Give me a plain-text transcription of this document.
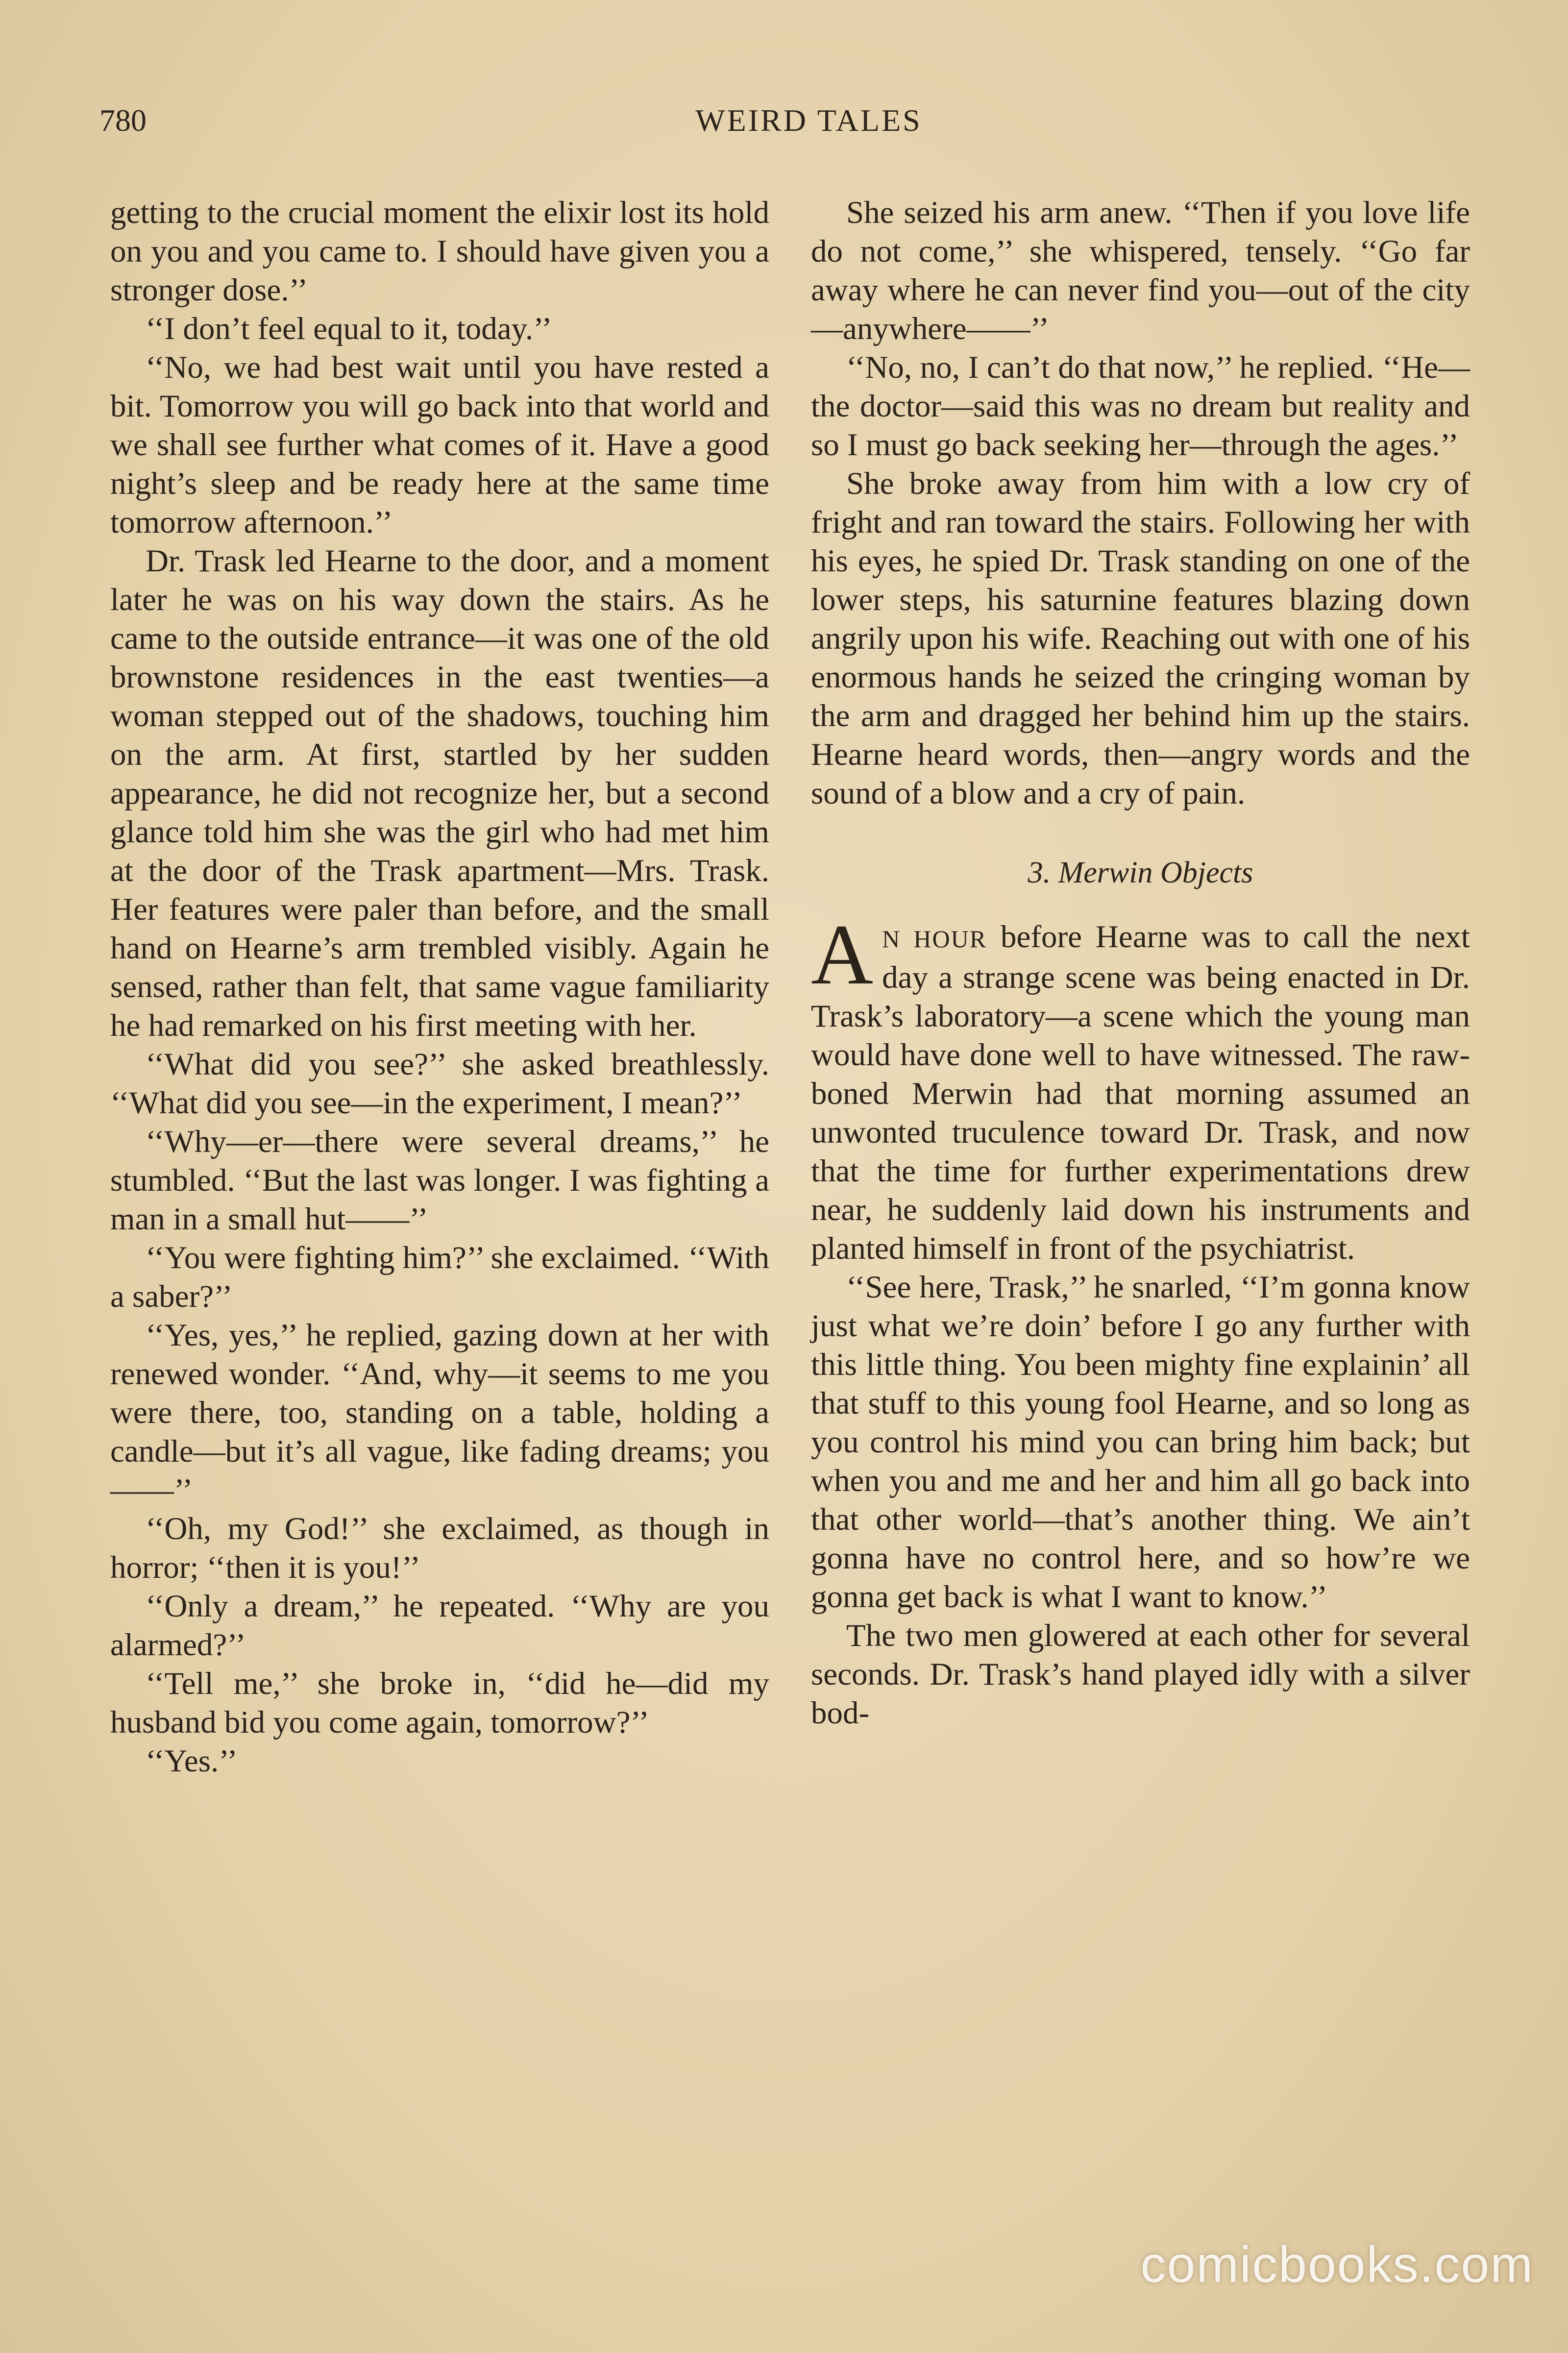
780	WEIRD TALES

getting to the crucial moment the elixir lost its hold on you and you came to. I should have given you a stronger dose.’’

‘‘I don’t feel equal to it, today.’’

‘‘No, we had best wait until you have rested a bit. Tomorrow you will go back into that world and we shall see further what comes of it. Have a good night’s sleep and be ready here at the same time tomorrow afternoon.’’

Dr. Trask led Hearne to the door, and a moment later he was on his way down the stairs. As he came to the outside entrance—it was one of the old brownstone residences in the east twenties—a woman stepped out of the shadows, touching him on the arm. At first, startled by her sudden appearance, he did not recognize her, but a second glance told him she was the girl who had met him at the door of the Trask apartment—Mrs. Trask. Her features were paler than before, and the small hand on Hearne’s arm trembled visibly. Again he sensed, rather than felt, that same vague familiarity he had remarked on his first meeting with her.

‘‘What did you see?’’ she asked breathlessly. ‘‘What did you see—in the experiment, I mean?’’

‘‘Why—er—there were several dreams,’’ he stumbled. ‘‘But the last was longer. I was fighting a man in a small hut——’’

‘‘You were fighting him?’’ she exclaimed. ‘‘With a saber?’’

‘‘Yes, yes,’’ he replied, gazing down at her with renewed wonder. ‘‘And, why—it seems to me you were there, too, standing on a table, holding a candle—but it’s all vague, like fading dreams; you——’’

‘‘Oh, my God!’’ she exclaimed, as though in horror; ‘‘then it is you!’’

‘‘Only a dream,’’ he repeated. ‘‘Why are you alarmed?’’

‘‘Tell me,’’ she broke in, ‘‘did he—did my husband bid you come again, tomorrow?’’

‘‘Yes.’’

She seized his arm anew. ‘‘Then if you love life do not come,’’ she whispered, tensely. ‘‘Go far away where he can never find you—out of the city—anywhere——’’

‘‘No, no, I can’t do that now,’’ he replied. ‘‘He—the doctor—said this was no dream but reality and so I must go back seeking her—through the ages.’’

She broke away from him with a low cry of fright and ran toward the stairs. Following her with his eyes, he spied Dr. Trask standing on one of the lower steps, his saturnine features blazing down angrily upon his wife. Reaching out with one of his enormous hands he seized the cringing woman by the arm and dragged her behind him up the stairs. Hearne heard words, then—angry words and the sound of a blow and a cry of pain.

3. Merwin Objects

A N HOUR before Hearne was to call the next day a strange scene was being enacted in Dr. Trask’s laboratory—a scene which the young man would have done well to have witnessed. The raw-boned Merwin had that morning assumed an unwonted truculence toward Dr. Trask, and now that the time for further experimentations drew near, he suddenly laid down his instruments and planted himself in front of the psychiatrist.

‘‘See here, Trask,’’ he snarled, ‘‘I’m gonna know just what we’re doin’ before I go any further with this little thing. You been mighty fine explainin’ all that stuff to this young fool Hearne, and so long as you control his mind you can bring him back; but when you and me and her and him all go back into that other world—that’s another thing. We ain’t gonna have no control here, and so how’re we gonna get back is what I want to know.’’

The two men glowered at each other for several seconds. Dr. Trask’s hand played idly with a silver bod-

comicbooks.com
